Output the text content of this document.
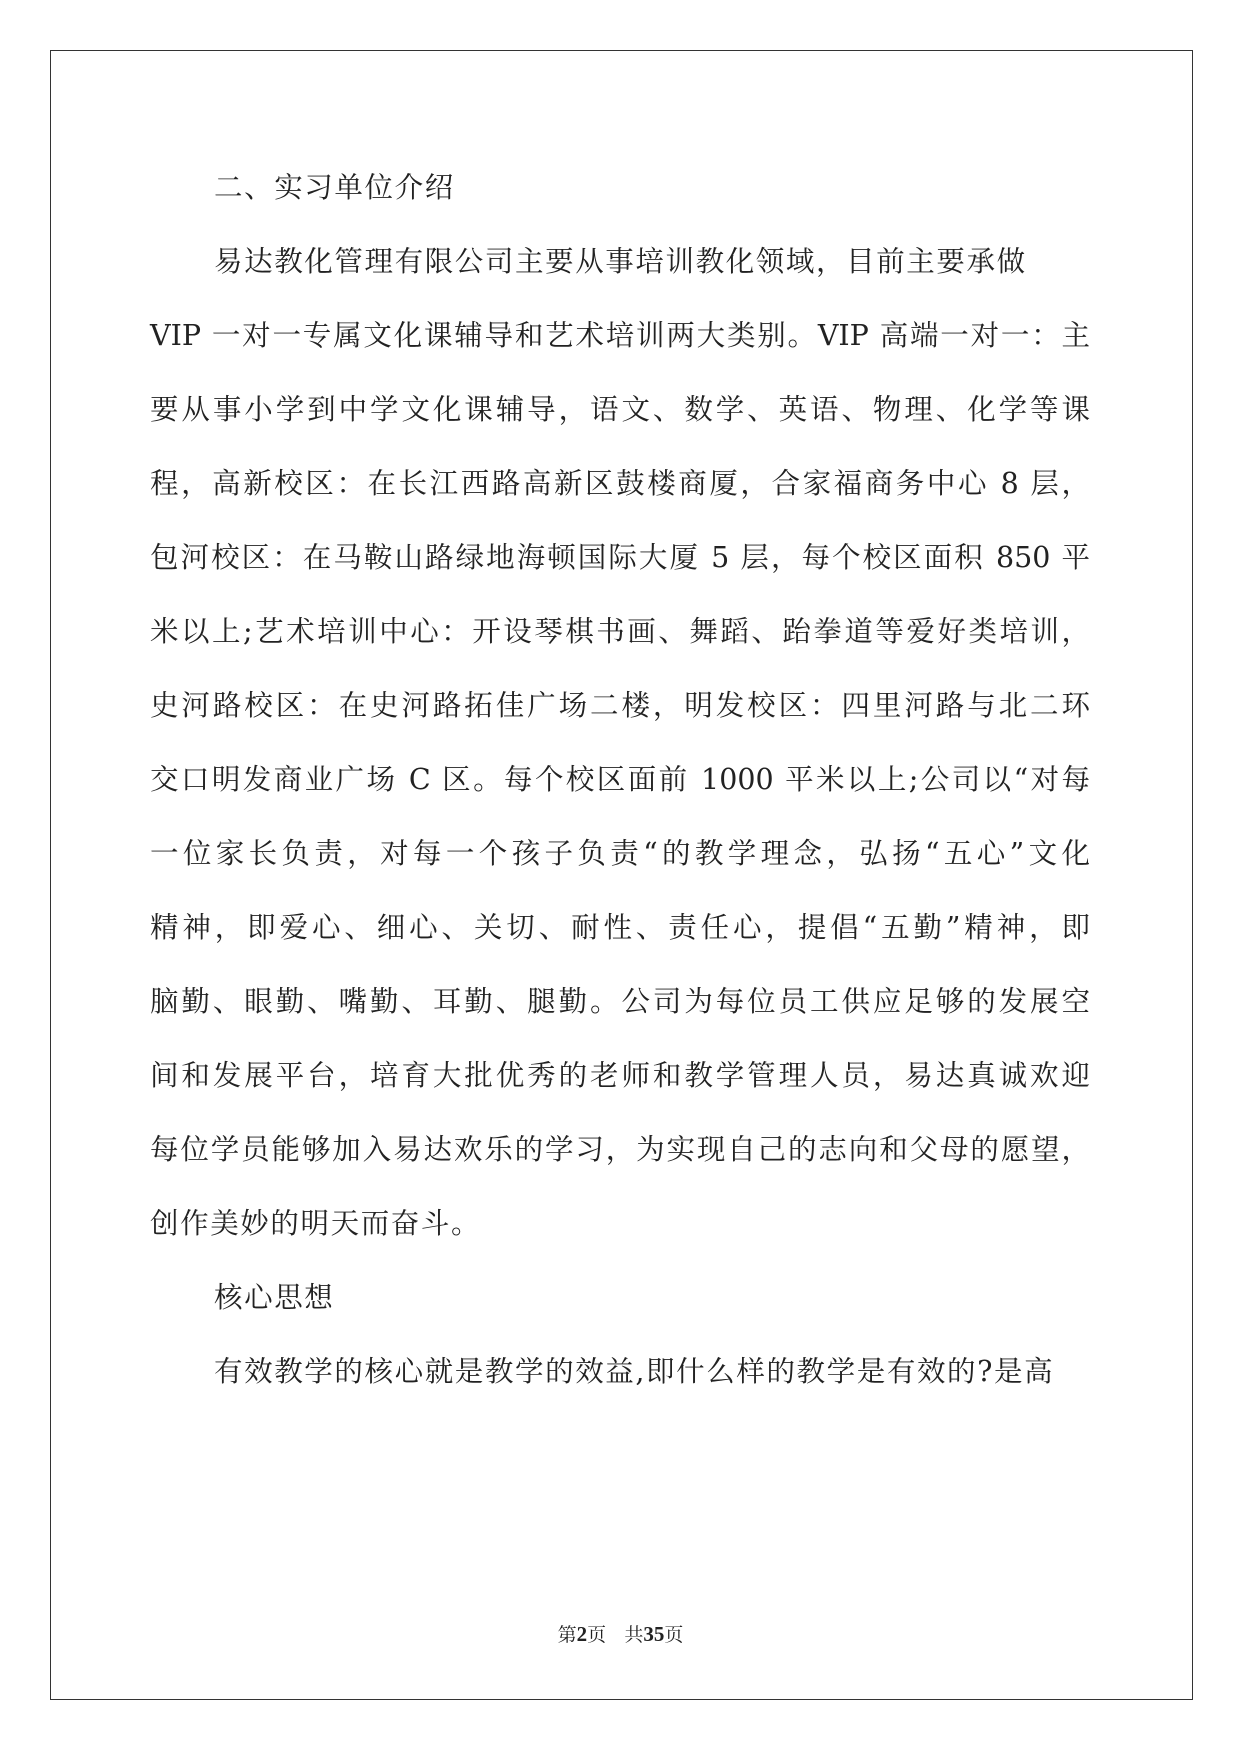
二、实习单位介绍
易达教化管理有限公司主要从事培训教化领域，目前主要承做
VIP 一对一专属文化课辅导和艺术培训两大类别。VIP 高端一对一：主
要从事小学到中学文化课辅导，语文、数学、英语、物理、化学等课
程，高新校区：在长江西路高新区鼓楼商厦，合家福商务中心 8 层，
包河校区：在马鞍山路绿地海顿国际大厦 5 层，每个校区面积 850 平
米以上;艺术培训中心：开设琴棋书画、舞蹈、跆拳道等爱好类培训，
史河路校区：在史河路拓佳广场二楼，明发校区：四里河路与北二环
交口明发商业广场 C 区。每个校区面前 1000 平米以上;公司以“对每
一位家长负责，对每一个孩子负责“的教学理念，弘扬“五心”文化
精神，即爱心、细心、关切、耐性、责任心，提倡“五勤”精神，即
脑勤、眼勤、嘴勤、耳勤、腿勤。公司为每位员工供应足够的发展空
间和发展平台，培育大批优秀的老师和教学管理人员，易达真诚欢迎
每位学员能够加入易达欢乐的学习，为实现自己的志向和父母的愿望，
创作美妙的明天而奋斗。
核心思想
有效教学的核心就是教学的效益,即什么样的教学是有效的?是高
第2页 共35页
